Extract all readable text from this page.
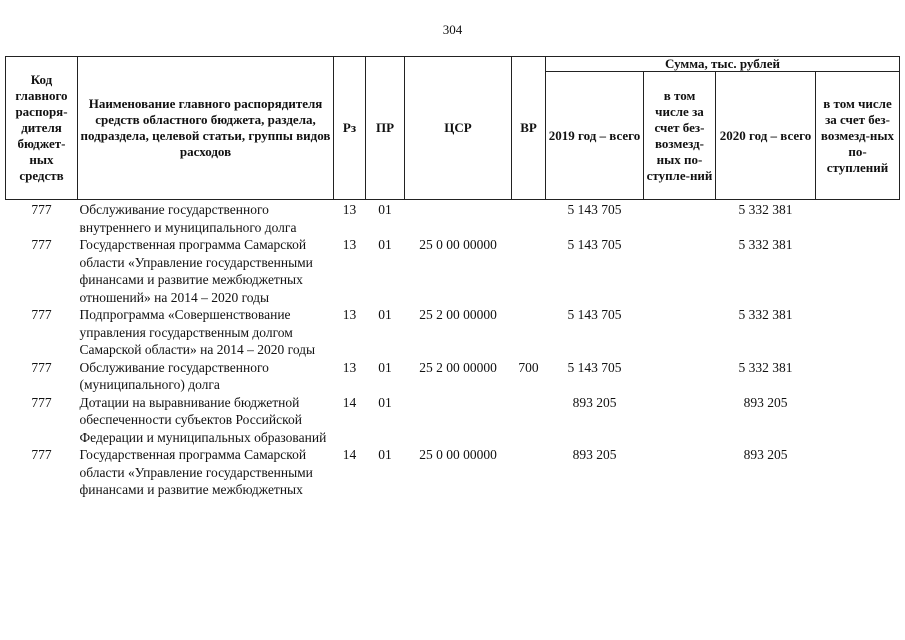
304
Код главного распоря-дителя бюджет-ных средств	Наименование главного распорядителя средств областного бюджета, раздела, подраздела, целевой статьи, группы видов расходов	Рз	ПР	ЦСР	ВР	Сумма, тыс. рублей			
						2019 год – всего	в том числе за счет без-возмезд-ных по-ступле-ний	2020 год – всего	в том числе за счет без-возмезд-ных по-ступлений
777	Обслуживание государственного внутреннего и муниципального долга	13	01			5 143 705		5 332 381	
777	Государственная программа Самарской области «Управление государственными финансами и развитие межбюджетных отношений» на 2014 – 2020 годы	13	01	25 0 00 00000		5 143 705		5 332 381	
777	Подпрограмма «Совершенствование управления государственным долгом Самарской области» на 2014 – 2020 годы	13	01	25 2 00 00000		5 143 705		5 332 381	
777	Обслуживание государственного (муниципального) долга	13	01	25 2 00 00000	700	5 143 705		5 332 381	
777	Дотации на выравнивание бюджетной обеспеченности субъектов Российской Федерации и муниципальных образований	14	01			893 205		893 205	
777	Государственная программа Самарской области «Управление государственными финансами и развитие межбюджетных	14	01	25 0 00 00000		893 205		893 205	
